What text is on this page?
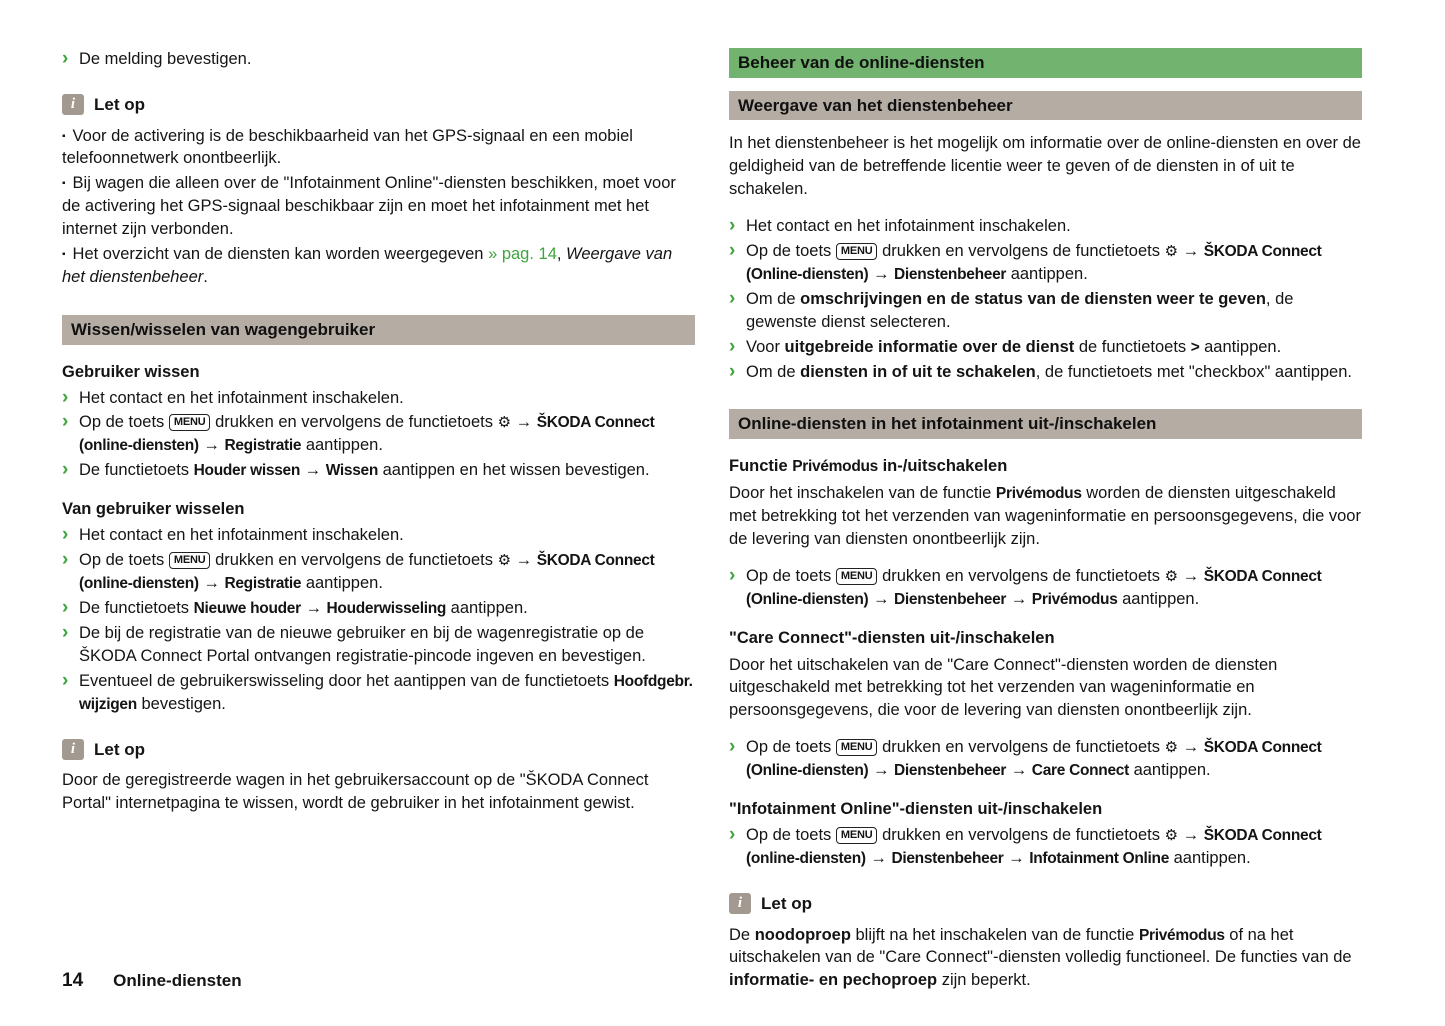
› De melding bevestigen.
i	Let op
▪ Voor de activering is de beschikbaarheid van het GPS-signaal en een mobiel telefoonnetwerk onontbeerlijk.
▪ Bij wagen die alleen over de "Infotainment Online"-diensten beschikken, moet voor de activering het GPS-signaal beschikbaar zijn en moet het infotainment met het internet zijn verbonden.
▪ Het overzicht van de diensten kan worden weergegeven » pag. 14, Weergave van het dienstenbeheer.
Wissen/wisselen van wagengebruiker
Gebruiker wissen
› Het contact en het infotainment inschakelen.
› Op de toets MENU drukken en vervolgens de functietoets ⚙ → ŠKODA Connect (online-diensten) → Registratie aantippen.
› De functietoets Houder wissen → Wissen aantippen en het wissen bevestigen.
Van gebruiker wisselen
› Het contact en het infotainment inschakelen.
› Op de toets MENU drukken en vervolgens de functietoets ⚙ → ŠKODA Connect (online-diensten) → Registratie aantippen.
› De functietoets Nieuwe houder → Houderwisseling aantippen.
› De bij de registratie van de nieuwe gebruiker en bij de wagenregistratie op de ŠKODA Connect Portal ontvangen registratie-pincode ingeven en bevestigen.
› Eventueel de gebruikerswisseling door het aantippen van de functietoets Hoofdgebr. wijzigen bevestigen.
i	Let op
Door de geregistreerde wagen in het gebruikersaccount op de "ŠKODA Connect Portal" internetpagina te wissen, wordt de gebruiker in het infotainment gewist.
Beheer van de online-diensten
Weergave van het dienstenbeheer
In het dienstenbeheer is het mogelijk om informatie over de online-diensten en over de geldigheid van de betreffende licentie weer te geven of de diensten in of uit te schakelen.
› Het contact en het infotainment inschakelen.
› Op de toets MENU drukken en vervolgens de functietoets ⚙ → ŠKODA Connect (Online-diensten) → Dienstenbeheer aantippen.
› Om de omschrijvingen en de status van de diensten weer te geven, de gewenste dienst selecteren.
› Voor uitgebreide informatie over de dienst de functietoets > aantippen.
› Om de diensten in of uit te schakelen, de functietoets met "checkbox" aantippen.
Online-diensten in het infotainment uit-/inschakelen
Functie Privémodus in-/uitschakelen
Door het inschakelen van de functie Privémodus worden de diensten uitgeschakeld met betrekking tot het verzenden van wageninformatie en persoonsgegevens, die voor de levering van diensten onontbeerlijk zijn.
› Op de toets MENU drukken en vervolgens de functietoets ⚙ → ŠKODA Connect (Online-diensten) → Dienstenbeheer → Privémodus aantippen.
"Care Connect"-diensten uit-/inschakelen
Door het uitschakelen van de "Care Connect"-diensten worden de diensten uitgeschakeld met betrekking tot het verzenden van wageninformatie en persoonsgegevens, die voor de levering van diensten onontbeerlijk zijn.
› Op de toets MENU drukken en vervolgens de functietoets ⚙ → ŠKODA Connect (Online-diensten) → Dienstenbeheer → Care Connect aantippen.
"Infotainment Online"-diensten uit-/inschakelen
› Op de toets MENU drukken en vervolgens de functietoets ⚙ → ŠKODA Connect (online-diensten) → Dienstenbeheer → Infotainment Online aantippen.
i	Let op
De noodoproep blijft na het inschakelen van de functie Privémodus of na het uitschakelen van de "Care Connect"-diensten volledig functioneel. De functies van de informatie- en pechoproep zijn beperkt.
14 Online-diensten
